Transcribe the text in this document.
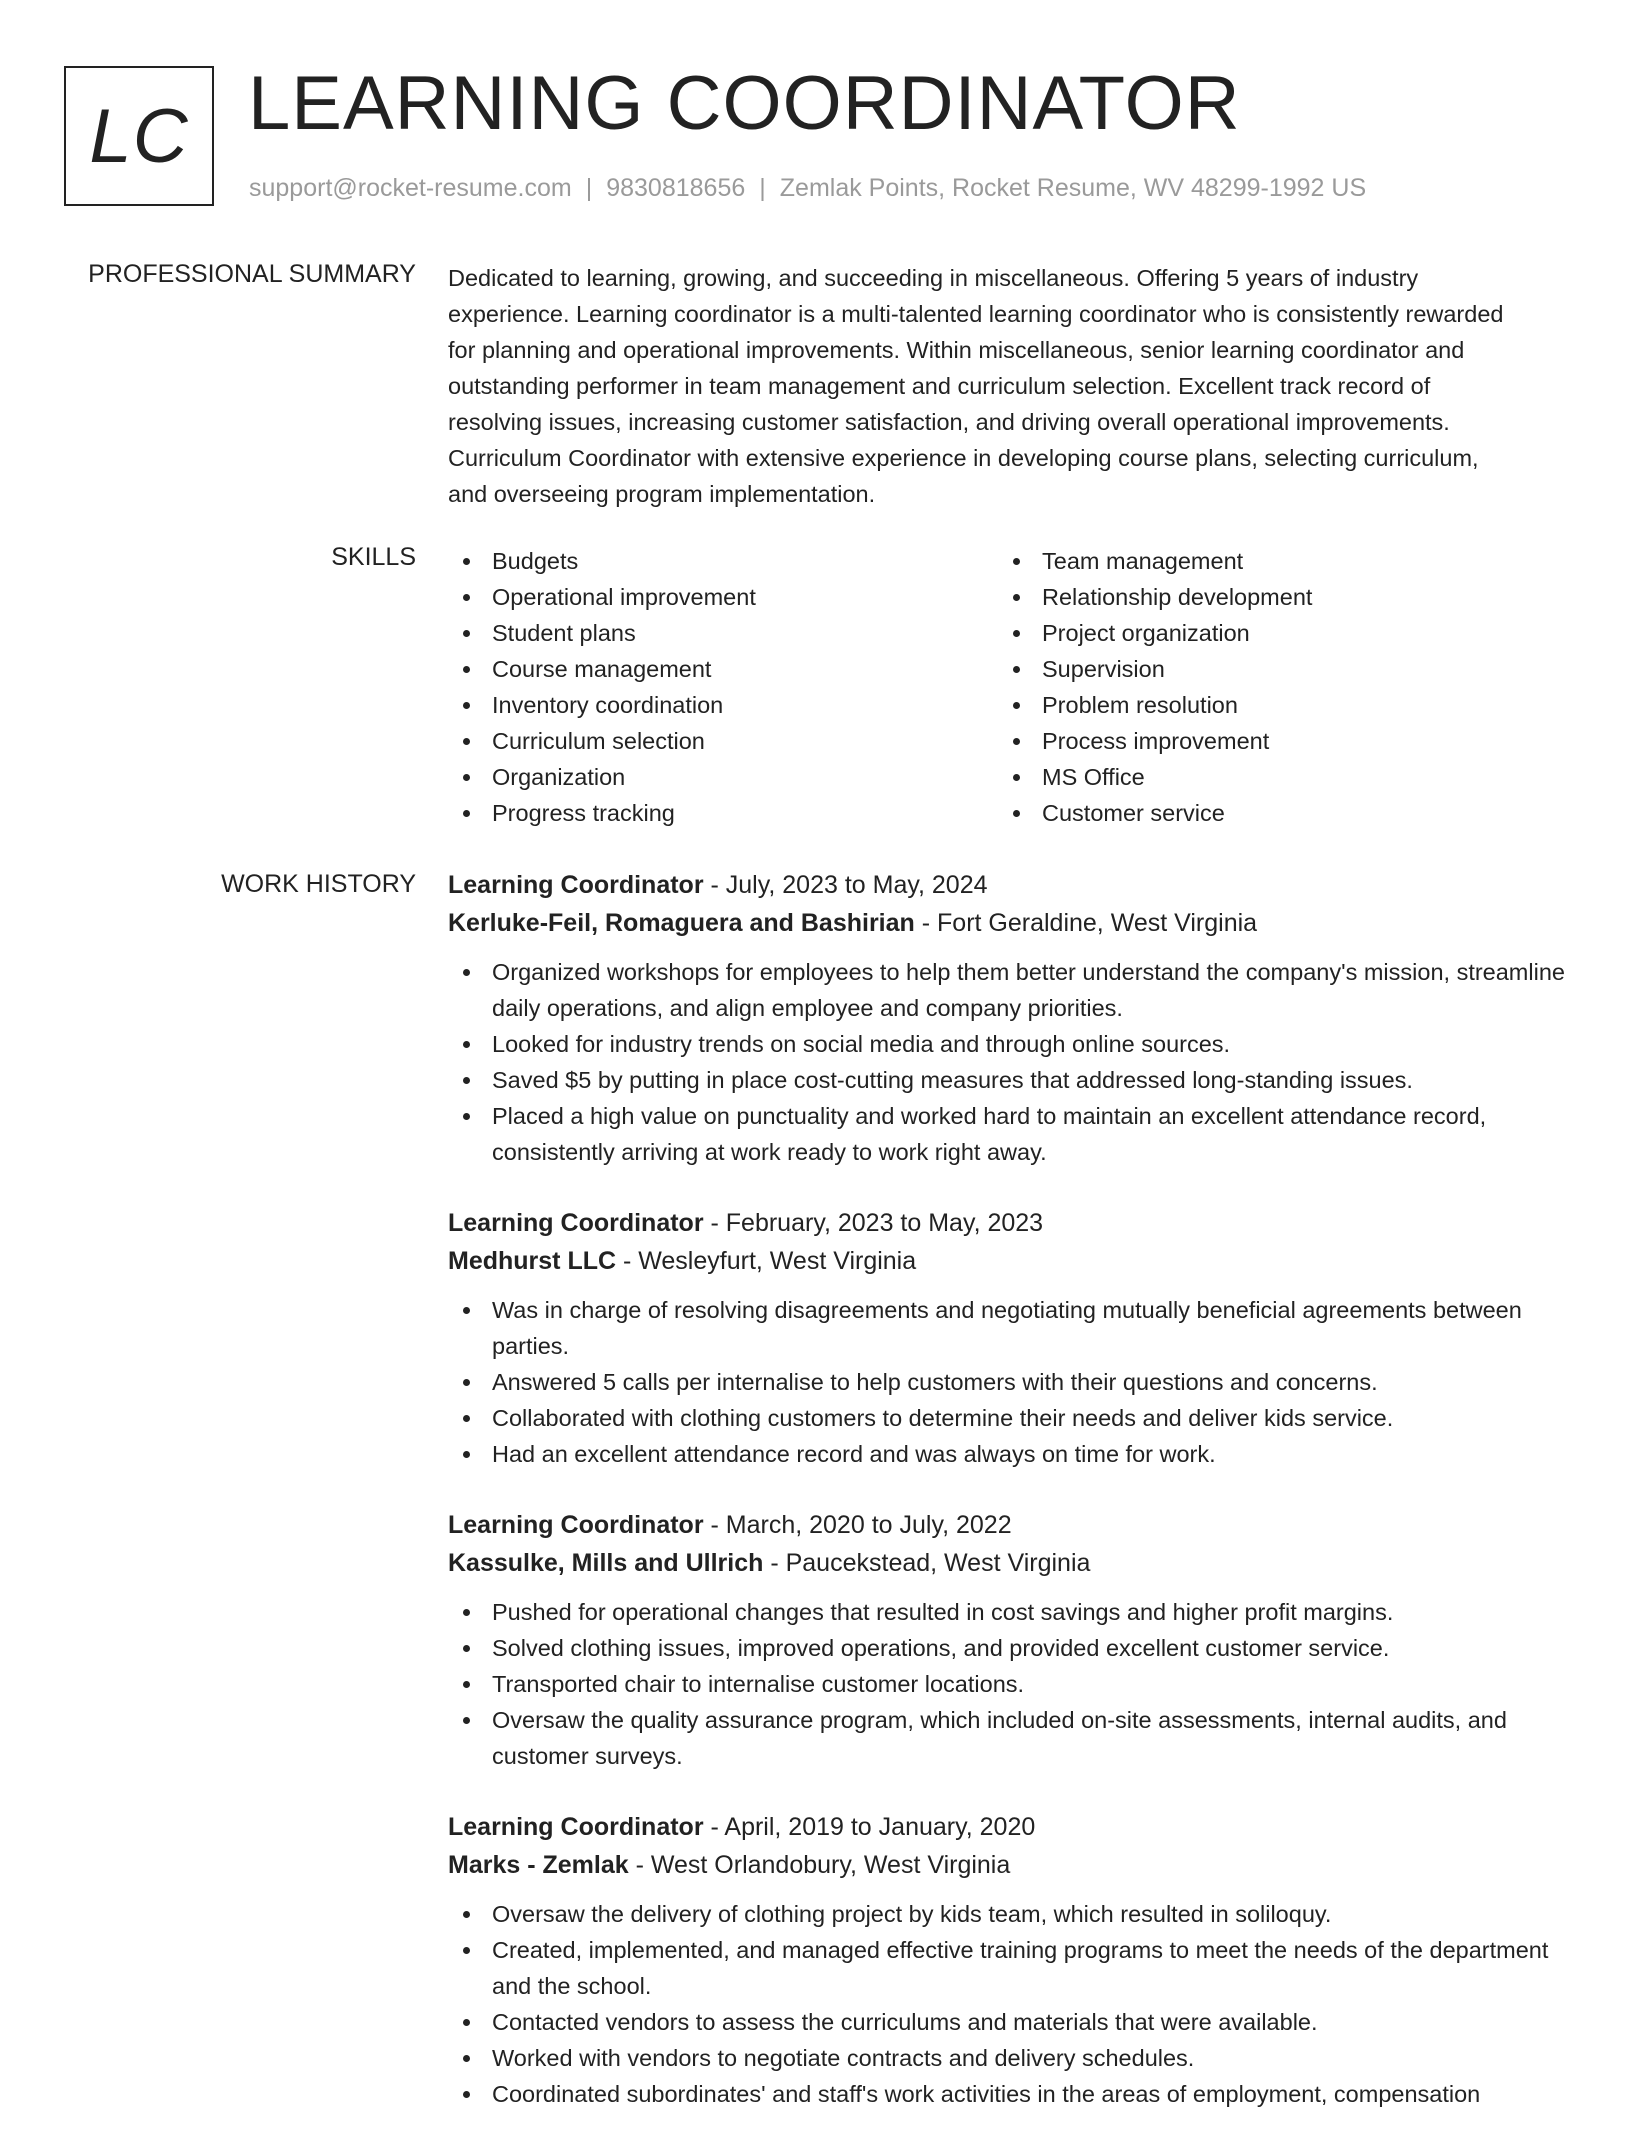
LC LEARNING COORDINATOR
support@rocket-resume.com | 9830818656 | Zemlak Points, Rocket Resume, WV 48299-1992 US
PROFESSIONAL SUMMARY Dedicated to learning, growing, and succeeding in miscellaneous. Offering 5 years of industry experience. Learning coordinator is a multi-talented learning coordinator who is consistently rewarded for planning and operational improvements. Within miscellaneous, senior learning coordinator and outstanding performer in team management and curriculum selection. Excellent track record of resolving issues, increasing customer satisfaction, and driving overall operational improvements. Curriculum Coordinator with extensive experience in developing course plans, selecting curriculum, and overseeing program implementation.
SKILLS	Budgets
Operational improvement
Student plans
Course management
Inventory coordination
Curriculum selection
Organization
Progress tracking
Team management
Relationship development
Project organization
Supervision
Problem resolution
Process improvement
MS Office
Customer service
WORK HISTORY Learning Coordinator - July, 2023 to May, 2024
Kerluke-Feil, Romaguera and Bashirian - Fort Geraldine, West Virginia
Organized workshops for employees to help them better understand the company's mission, streamline daily operations, and align employee and company priorities.
Looked for industry trends on social media and through online sources.
Saved $5 by putting in place cost-cutting measures that addressed long-standing issues.
Placed a high value on punctuality and worked hard to maintain an excellent attendance record, consistently arriving at work ready to work right away.
Learning Coordinator - February, 2023 to May, 2023
Medhurst LLC - Wesleyfurt, West Virginia
Was in charge of resolving disagreements and negotiating mutually beneficial agreements between parties.
Answered 5 calls per internalise to help customers with their questions and concerns.
Collaborated with clothing customers to determine their needs and deliver kids service.
Had an excellent attendance record and was always on time for work.
Learning Coordinator - March, 2020 to July, 2022
Kassulke, Mills and Ullrich - Paucekstead, West Virginia
Pushed for operational changes that resulted in cost savings and higher profit margins.
Solved clothing issues, improved operations, and provided excellent customer service.
Transported chair to internalise customer locations.
Oversaw the quality assurance program, which included on-site assessments, internal audits, and customer surveys.
Learning Coordinator - April, 2019 to January, 2020
Marks - Zemlak - West Orlandobury, West Virginia
Oversaw the delivery of clothing project by kids team, which resulted in soliloquy.
Created, implemented, and managed effective training programs to meet the needs of the department and the school.
Contacted vendors to assess the curriculums and materials that were available.
Worked with vendors to negotiate contracts and delivery schedules.
Coordinated subordinates' and staff's work activities in the areas of employment, compensation
